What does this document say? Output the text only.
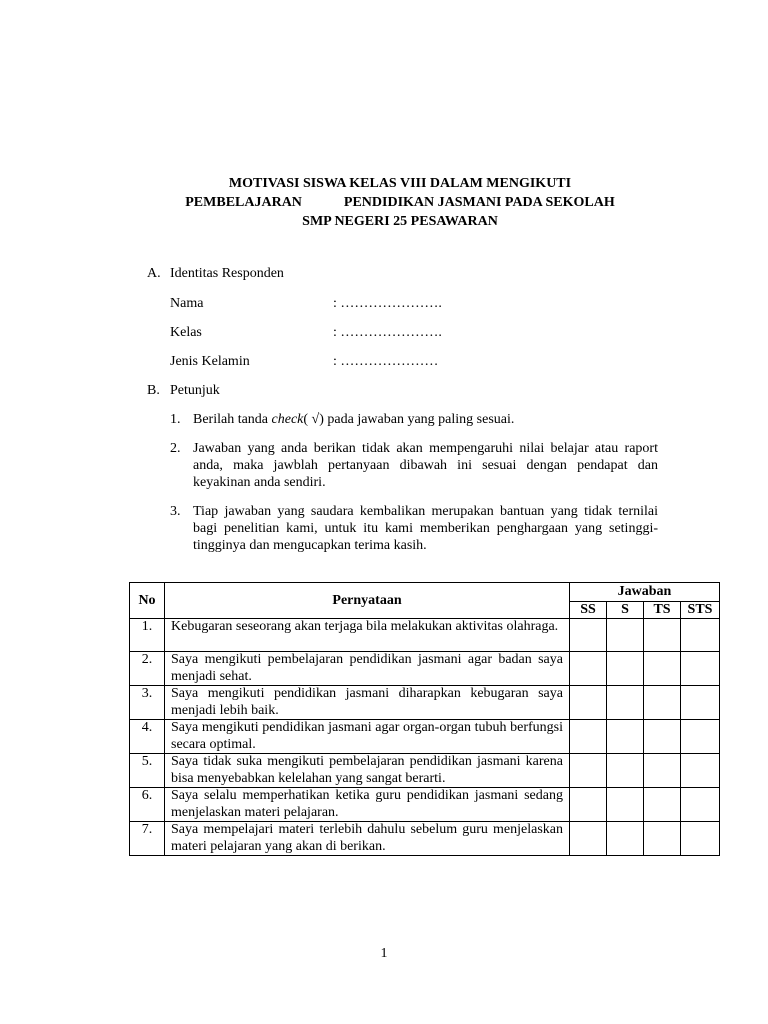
MOTIVASI SISWA KELAS VIII DALAM MENGIKUTI

PEMBELAJARAN            PENDIDIKAN JASMANI PADA SEKOLAH
SMP NEGERI 25 PESAWARAN
A. Identitas Responden
Nama	: ………………….
Kelas	: ………………….
Jenis Kelamin	: …………………
B. Petunjuk
1. Berilah tanda check( √) pada jawaban yang paling sesuai.
2. Jawaban yang anda berikan tidak akan mempengaruhi nilai belajar atau raport anda, maka jawblah pertanyaan dibawah ini sesuai dengan pendapat dan keyakinan anda sendiri.
3. Tiap jawaban yang saudara kembalikan merupakan bantuan yang tidak ternilai bagi penelitian kami, untuk itu kami memberikan penghargaan yang setinggi-tingginya dan mengucapkan terima kasih.
No	Pernyataan	Jawaban			
		SS	S	TS	STS
1.	Kebugaran seseorang akan terjaga bila melakukan aktivitas olahraga.				
2.	Saya mengikuti pembelajaran pendidikan jasmani agar badan saya menjadi sehat.				
3.	Saya mengikuti pendidikan jasmani diharapkan kebugaran saya menjadi lebih baik.				
4.	Saya mengikuti pendidikan jasmani agar organ-organ tubuh berfungsi secara optimal.				
5.	Saya tidak suka mengikuti pembelajaran pendidikan jasmani karena bisa menyebabkan kelelahan yang sangat berarti.				
6.	Saya selalu memperhatikan ketika guru pendidikan jasmani sedang menjelaskan materi pelajaran.				
7.	Saya mempelajari materi terlebih dahulu sebelum guru menjelaskan materi pelajaran yang akan di berikan.				
1
